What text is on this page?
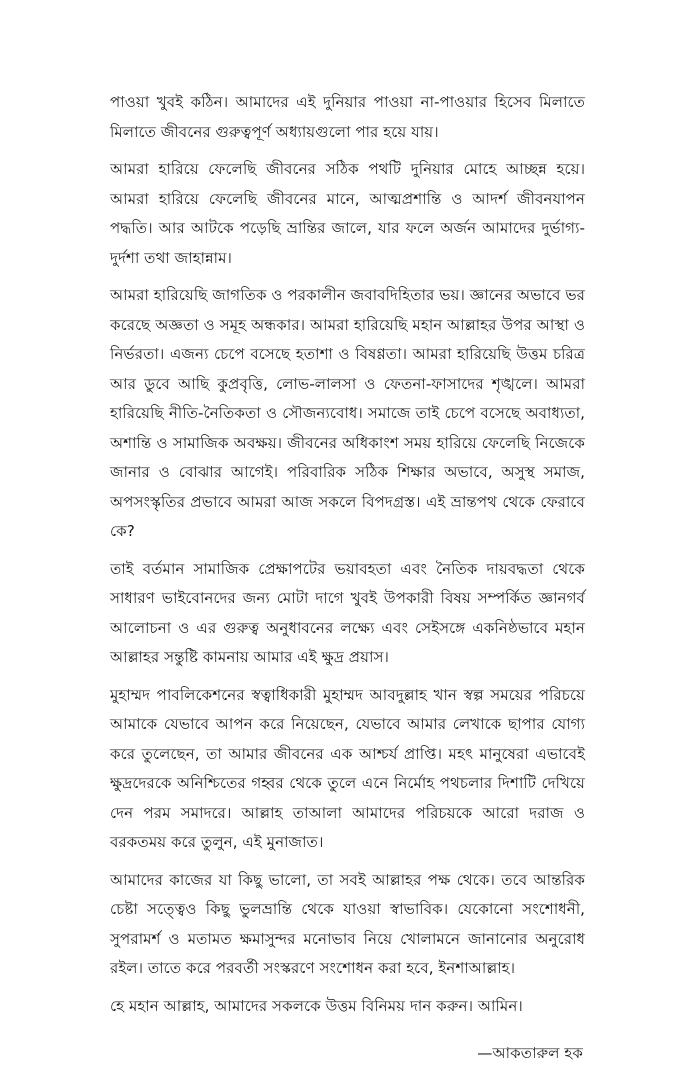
পাওয়া খুবই কঠিন। আমাদের এই দুনিয়ার পাওয়া না-পাওয়ার হিসেব মিলাতে মিলাতে জীবনের গুরুত্বপূর্ণ অধ্যায়গুলো পার হয়ে যায়।

আমরা হারিয়ে ফেলেছি জীবনের সঠিক পথটি দুনিয়ার মোহে আচ্ছন্ন হয়ে। আমরা হারিয়ে ফেলেছি জীবনের মানে, আত্মপ্রশান্তি ও আদর্শ জীবনযাপন পদ্ধতি। আর আটকে পড়েছি ভ্রান্তির জালে, যার ফলে অর্জন আমাদের দুর্ভাগ্য-দুর্দশা তথা জাহান্নাম।

আমরা হারিয়েছি জাগতিক ও পরকালীন জবাবদিহিতার ভয়। জ্ঞানের অভাবে ভর করেছে অজ্ঞতা ও সমূহ অন্ধকার। আমরা হারিয়েছি মহান আল্লাহর উপর আস্থা ও নির্ভরতা। এজন্য চেপে বসেছে হতাশা ও বিষণ্ণতা। আমরা হারিয়েছি উত্তম চরিত্র আর ডুবে আছি কুপ্রবৃত্তি, লোভ-লালসা ও ফেতনা-ফাসাদের শৃঙ্খলে। আমরা হারিয়েছি নীতি-নৈতিকতা ও সৌজন্যবোধ। সমাজে তাই চেপে বসেছে অবাধ্যতা, অশান্তি ও সামাজিক অবক্ষয়। জীবনের অধিকাংশ সময় হারিয়ে ফেলেছি নিজেকে জানার ও বোঝার আগেই। পরিবারিক সঠিক শিক্ষার অভাবে, অসুস্থ সমাজ, অপসংস্কৃতির প্রভাবে আমরা আজ সকলে বিপদগ্রস্ত। এই ভ্রান্তপথ থেকে ফেরাবে কে?

তাই বর্তমান সামাজিক প্রেক্ষাপটের ভয়াবহতা এবং নৈতিক দায়বদ্ধতা থেকে সাধারণ ভাইবোনদের জন্য মোটা দাগে খুবই উপকারী বিষয় সম্পর্কিত জ্ঞানগর্ব আলোচনা ও এর গুরুত্ব অনুধাবনের লক্ষ্যে এবং সেইসঙ্গে একনিষ্ঠভাবে মহান আল্লাহর সন্তুষ্টি কামনায় আমার এই ক্ষুদ্র প্রয়াস।

মুহাম্মদ পাবলিকেশনের স্বত্বাধিকারী মুহাম্মদ আবদুল্লাহ খান স্বল্প সময়ের পরিচয়ে আমাকে যেভাবে আপন করে নিয়েছেন, যেভাবে আমার লেখাকে ছাপার যোগ্য করে তুলেছেন, তা আমার জীবনের এক আশ্চর্য প্রাপ্তি। মহৎ মানুষেরা এভাবেই ক্ষুদ্রদেরকে অনিশ্চিতের গহ্বর থেকে তুলে এনে নির্মোহ পথচলার দিশাটি দেখিয়ে দেন পরম সমাদরে। আল্লাহ তাআলা আমাদের পরিচয়কে আরো দরাজ ও বরকতময় করে তুলুন, এই মুনাজাত।

আমাদের কাজের যা কিছু ভালো, তা সবই আল্লাহর পক্ষ থেকে। তবে আন্তরিক চেষ্টা সত্ত্বেও কিছু ভুলভ্রান্তি থেকে যাওয়া স্বাভাবিক। যেকোনো সংশোধনী, সুপরামর্শ ও মতামত ক্ষমাসুন্দর মনোভাব নিয়ে খোলামনে জানানোর অনুরোধ রইল। তাতে করে পরবর্তী সংস্করণে সংশোধন করা হবে, ইনশাআল্লাহ।

হে মহান আল্লাহ, আমাদের সকলকে উত্তম বিনিময় দান করুন। আমিন।

—আকতারুল হক
